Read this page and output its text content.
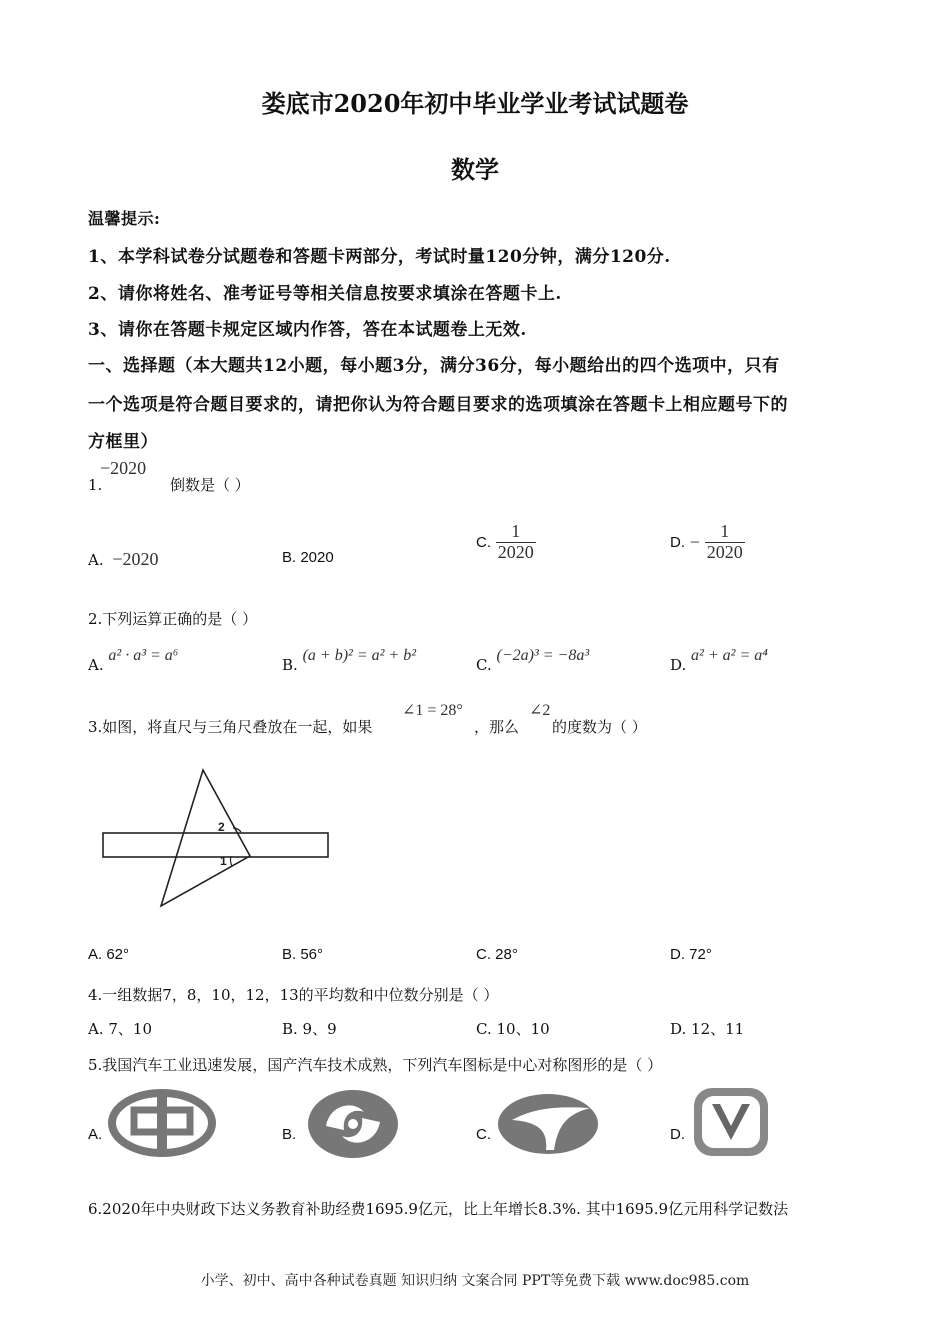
娄底市2020年初中毕业学业考试试题卷
数学
温馨提示:
1、本学科试卷分试题卷和答题卡两部分，考试时量120分钟，满分120分.
2、请你将姓名、准考证号等相关信息按要求填涂在答题卡上.
3、请你在答题卡规定区域内作答，答在本试题卷上无效.
一、选择题（本大题共12小题，每小题3分，满分36分，每小题给出的四个选项中，只有
一个选项是符合题目要求的，请把你认为符合题目要求的选项填涂在答题卡上相应题号下的
方框里）
1.
−2020
倒数是（ ）
A. −2020	B. 2020
C. $\frac{1}{2020}$	D. − $\frac{1}{2020}$
2.下列运算正确的是（ ）
A. a² · a³ = a⁶
B. (a + b)² = a² + b²
C. (−2a)³ = −8a³
D. a² + a² = a⁴
3.如图，将直尺与三角尺叠放在一起，如果
∠1 = 28°
，那么
∠2
的度数为（ ）
2
1
A. 62°	B. 56°	C. 28°	D. 72°
4.一组数据7，8，10，12，13的平均数和中位数分别是（ ）
A. 7、10	B. 9、9	C. 10、10	D. 12、11
5.我国汽车工业迅速发展，国产汽车技术成熟，下列汽车图标是中心对称图形的是（ ）
A.	B.	C.	D.
6.2020年中央财政下达义务教育补助经费1695.9亿元，比上年增长8.3%. 其中1695.9亿元用科学记数法
小学、初中、高中各种试卷真题 知识归纳 文案合同 PPT等免费下载 www.doc985.com
